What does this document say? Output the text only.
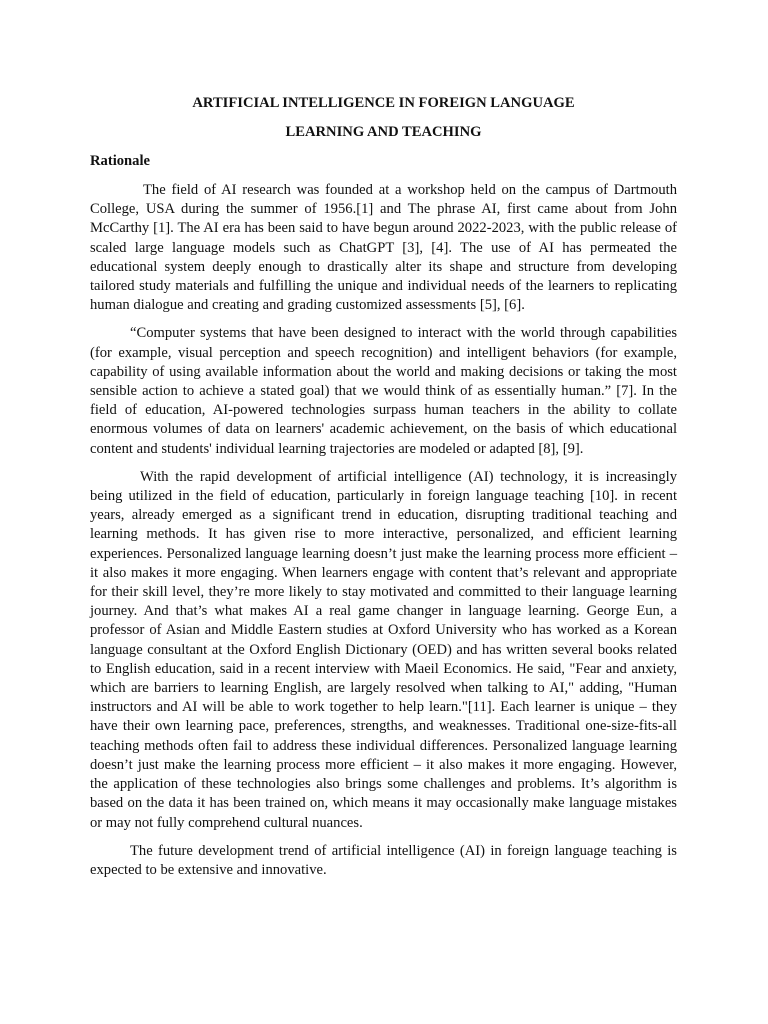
ARTIFICIAL INTELLIGENCE IN FOREIGN LANGUAGE

LEARNING AND TEACHING

Rationale

The field of AI research was founded at a workshop held on the campus of Dartmouth College, USA during the summer of 1956.[1] and The phrase AI, first came about from John McCarthy [1]. The AI era has been said to have begun around 2022-2023, with the public release of scaled large language models such as ChatGPT [3], [4]. The use of AI has permeated the educational system deeply enough to drastically alter its shape and structure from developing tailored study materials and fulfilling the unique and individual needs of the learners to replicating human dialogue and creating and grading customized assessments [5], [6].

“Computer systems that have been designed to interact with the world through capabilities (for example, visual perception and speech recognition) and intelligent behaviors (for example, capability of using available information about the world and making decisions or taking the most sensible action to achieve a stated goal) that we would think of as essentially human.” [7]. In the field of education, AI-powered technologies surpass human teachers in the ability to collate enormous volumes of data on learners' academic achievement, on the basis of which educational content and students' individual learning trajectories are modeled or adapted [8], [9].

With the rapid development of artificial intelligence (AI) technology, it is increasingly being utilized in the field of education, particularly in foreign language teaching [10]. in recent years, already emerged as a significant trend in education, disrupting traditional teaching and learning methods. It has given rise to more interactive, personalized, and efficient learning experiences. Personalized language learning doesn’t just make the learning process more efficient – it also makes it more engaging. When learners engage with content that’s relevant and appropriate for their skill level, they’re more likely to stay motivated and committed to their language learning journey. And that’s what makes AI a real game changer in language learning. George Eun, a professor of Asian and Middle Eastern studies at Oxford University who has worked as a Korean language consultant at the Oxford English Dictionary (OED) and has written several books related to English education, said in a recent interview with Maeil Economics. He said, "Fear and anxiety, which are barriers to learning English, are largely resolved when talking to AI," adding, "Human instructors and AI will be able to work together to help learn."[11]. Each learner is unique – they have their own learning pace, preferences, strengths, and weaknesses. Traditional one-size-fits-all teaching methods often fail to address these individual differences. Personalized language learning doesn’t just make the learning process more efficient – it also makes it more engaging. However, the application of these technologies also brings some challenges and problems. It’s algorithm is based on the data it has been trained on, which means it may occasionally make language mistakes or may not fully comprehend cultural nuances.

The future development trend of artificial intelligence (AI) in foreign language teaching is expected to be extensive and innovative.
